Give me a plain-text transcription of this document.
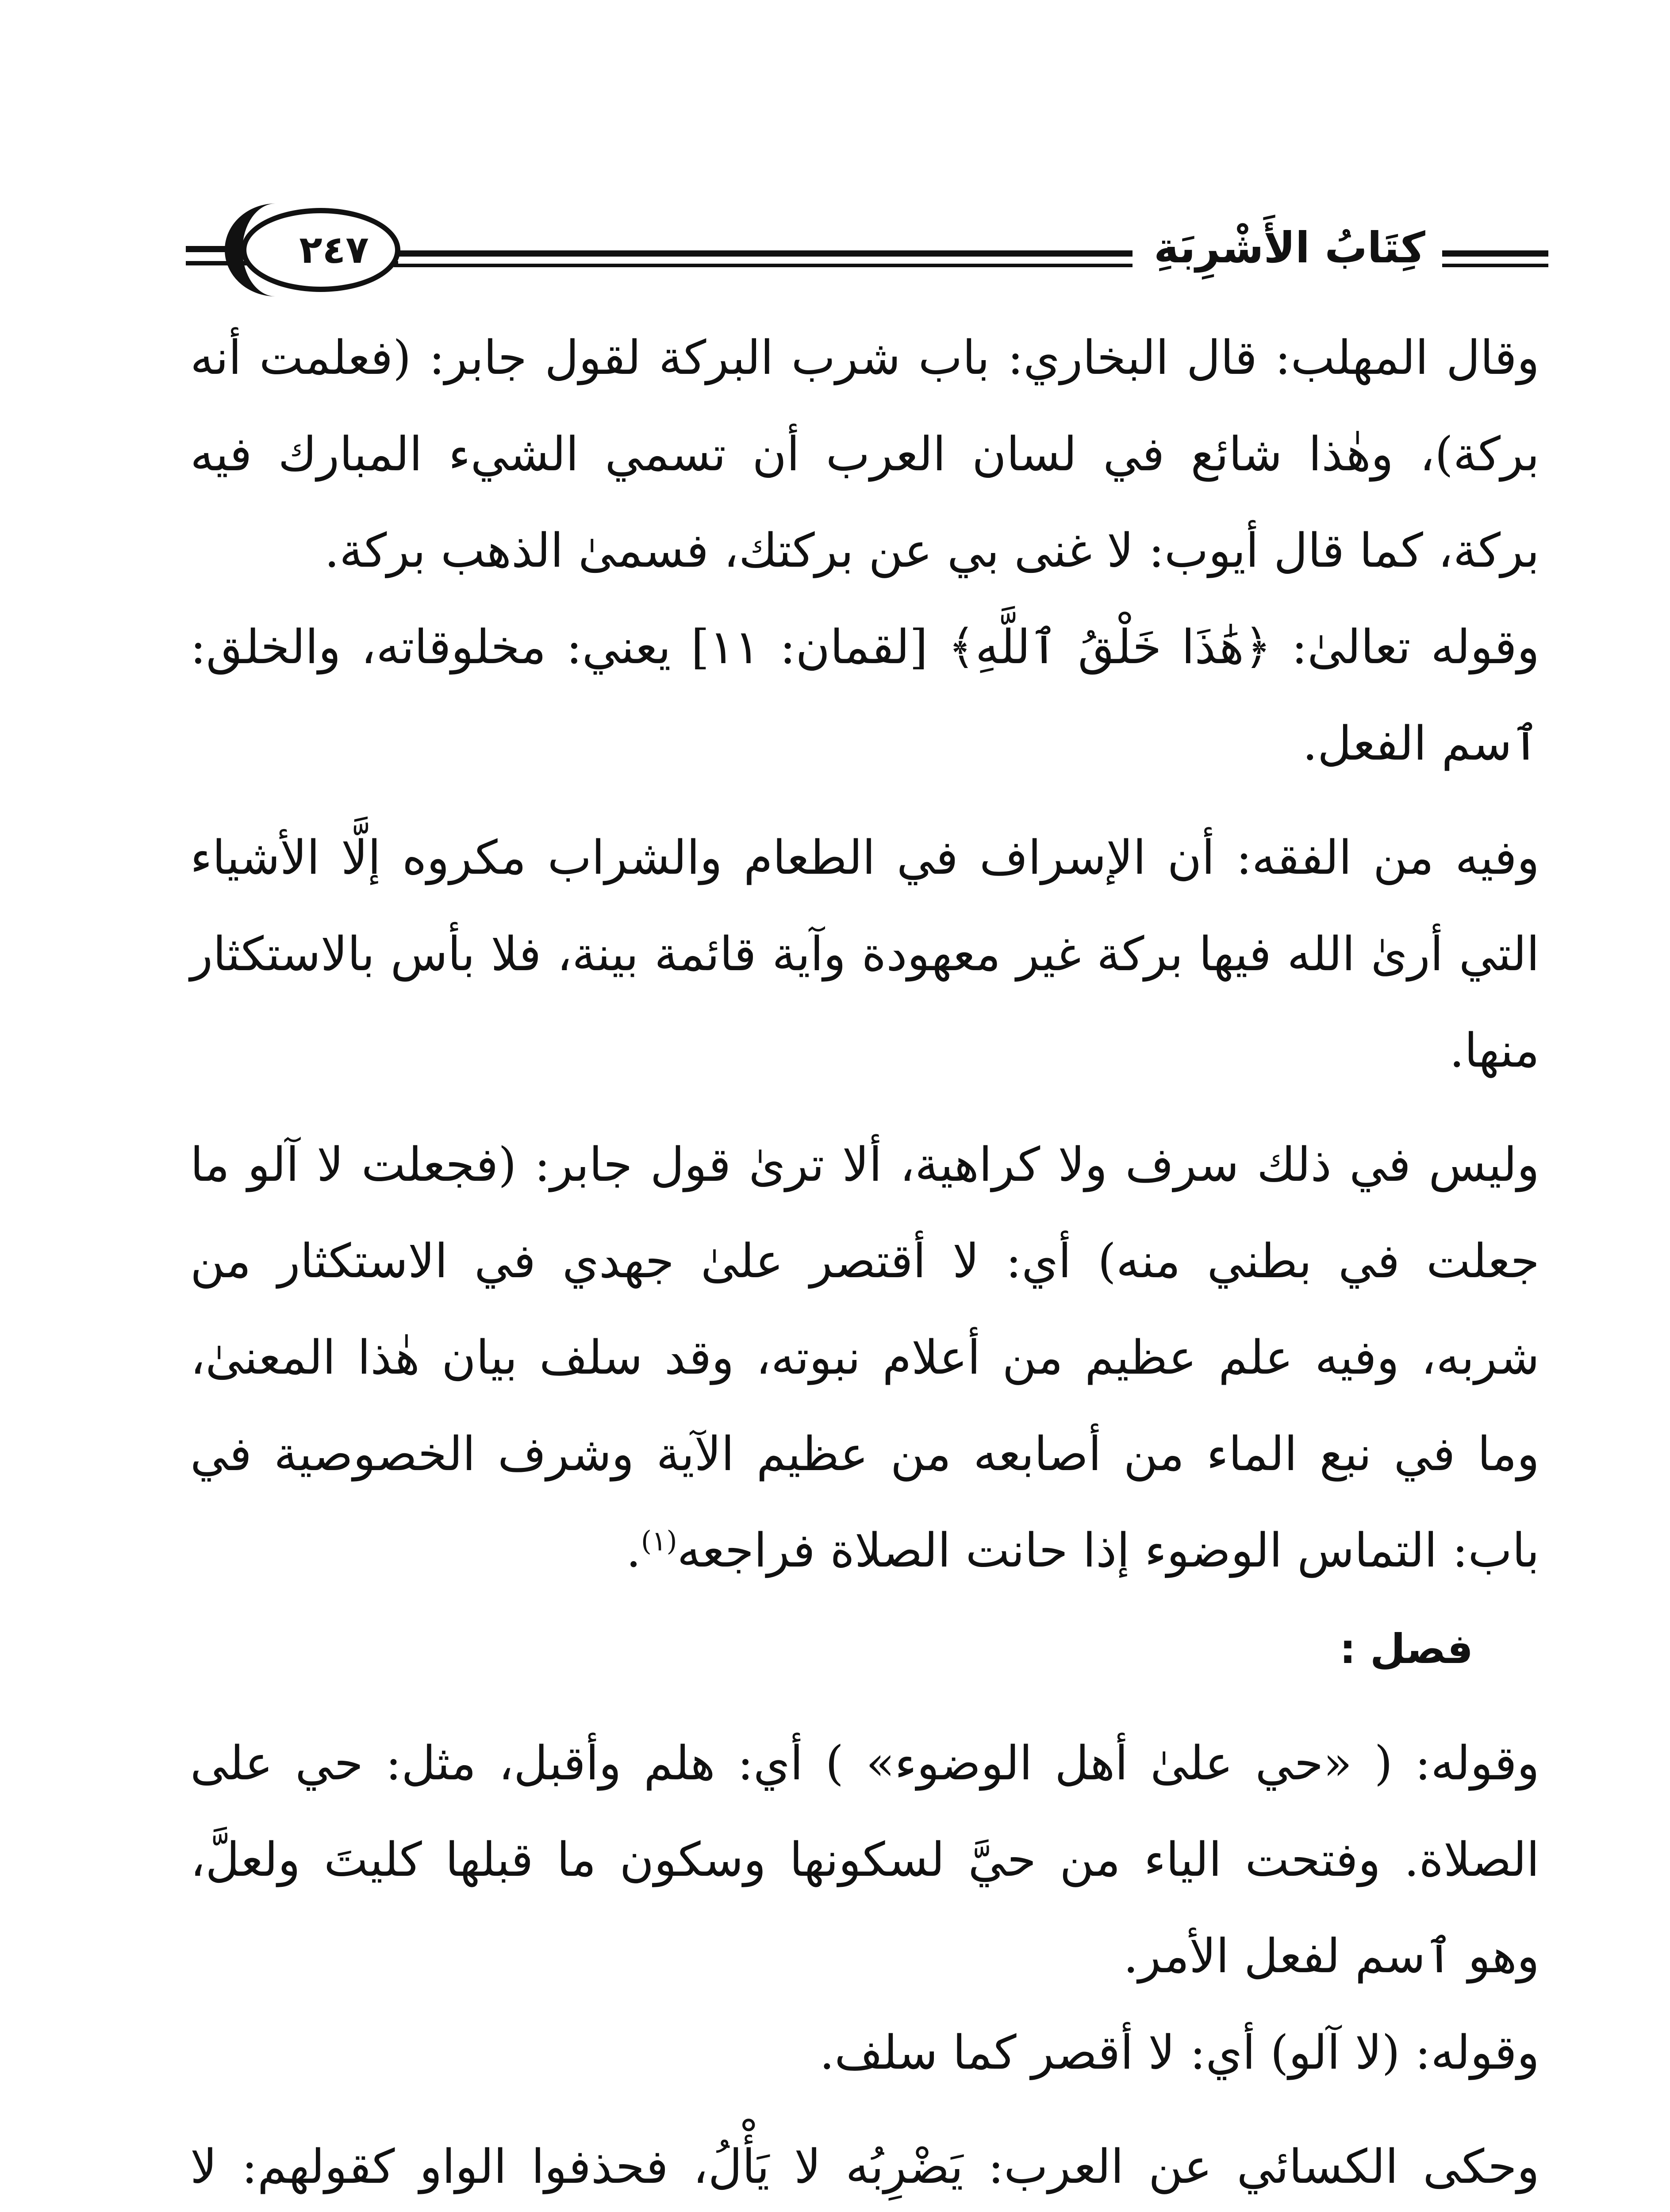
٢٤٧	كِتَابُ الأَشْرِبَةِ

وقال المهلب: قال البخاري: باب شرب البركة لقول جابر: (فعلمت أنه بركة)، وهٰذا شائع في لسان العرب أن تسمي الشيء المبارك فيه بركة، كما قال أيوب: لا غنى بي عن بركتك، فسمىٰ الذهب بركة.

وقوله تعالىٰ: ﴿هَٰذَا خَلْقُ ٱللَّهِ﴾ [لقمان: ١١] يعني: مخلوقاته، والخلق: ٱسم الفعل.

وفيه من الفقه: أن الإسراف في الطعام والشراب مكروه إلَّا الأشياء التي أرىٰ الله فيها بركة غير معهودة وآية قائمة بينة، فلا بأس بالاستكثار منها.

وليس في ذلك سرف ولا كراهية، ألا ترىٰ قول جابر: (فجعلت لا آلو ما جعلت في بطني منه) أي: لا أقتصر علىٰ جهدي في الاستكثار من شربه، وفيه علم عظيم من أعلام نبوته، وقد سلف بيان هٰذا المعنىٰ، وما في نبع الماء من أصابعه من عظيم الآية وشرف الخصوصية في باب: التماس الوضوء إذا حانت الصلاة فراجعه$^{(١)}$.

فصل :

وقوله: ( «حي علىٰ أهل الوضوء» ) أي: هلم وأقبل، مثل: حي على الصلاة. وفتحت الياء من حيَّ لسكونها وسكون ما قبلها كليتَ ولعلَّ، وهو ٱسم لفعل الأمر.

وقوله: (لا آلو) أي: لا أقصر كما سلف.

وحكى الكسائي عن العرب: يَضْرِبُه لا يَأْلُ، فحذفوا الواو كقولهم: لا
